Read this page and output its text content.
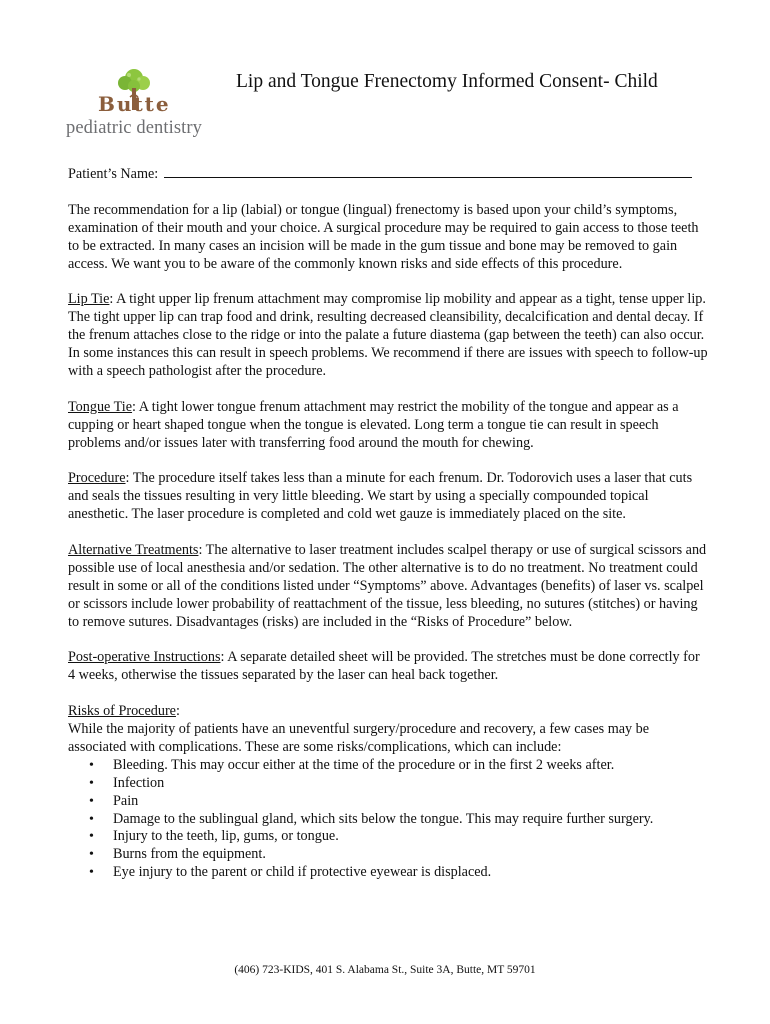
Butte
pediatric dentistry
Lip and Tongue Frenectomy Informed Consent- Child
Patient’s Name:

The recommendation for a lip (labial) or tongue (lingual) frenectomy is based upon your child’s symptoms, examination of their mouth and your choice. A surgical procedure may be required to gain access to those teeth to be extracted. In many cases an incision will be made in the gum tissue and bone may be removed to gain access. We want you to be aware of the commonly known risks and side effects of this procedure.

Lip Tie: A tight upper lip frenum attachment may compromise lip mobility and appear as a tight, tense upper lip. The tight upper lip can trap food and drink, resulting decreased cleansibility, decalcification and dental decay. If the frenum attaches close to the ridge or into the palate a future diastema (gap between the teeth) can also occur. In some instances this can result in speech problems. We recommend if there are issues with speech to follow-up with a speech pathologist after the procedure.

Tongue Tie: A tight lower tongue frenum attachment may restrict the mobility of the tongue and appear as a cupping or heart shaped tongue when the tongue is elevated. Long term a tongue tie can result in speech problems and/or issues later with transferring food around the mouth for chewing.

Procedure: The procedure itself takes less than a minute for each frenum. Dr. Todorovich uses a laser that cuts and seals the tissues resulting in very little bleeding. We start by using a specially compounded topical anesthetic. The laser procedure is completed and cold wet gauze is immediately placed on the site.

Alternative Treatments: The alternative to laser treatment includes scalpel therapy or use of surgical scissors and possible use of local anesthesia and/or sedation. The other alternative is to do no treatment. No treatment could result in some or all of the conditions listed under “Symptoms” above. Advantages (benefits) of laser vs. scalpel or scissors include lower probability of reattachment of the tissue, less bleeding, no sutures (stitches) or having to remove sutures. Disadvantages (risks) are included in the “Risks of Procedure” below.

Post-operative Instructions: A separate detailed sheet will be provided. The stretches must be done correctly for 4 weeks, otherwise the tissues separated by the laser can heal back together.

Risks of Procedure:
While the majority of patients have an uneventful surgery/procedure and recovery, a few cases may be associated with complications. These are some risks/complications, which can include:
• Bleeding. This may occur either at the time of the procedure or in the first 2 weeks after.
• Infection
• Pain
• Damage to the sublingual gland, which sits below the tongue. This may require further surgery.
• Injury to the teeth, lip, gums, or tongue.
• Burns from the equipment.
• Eye injury to the parent or child if protective eyewear is displaced.
(406) 723-KIDS, 401 S. Alabama St., Suite 3A, Butte, MT 59701
